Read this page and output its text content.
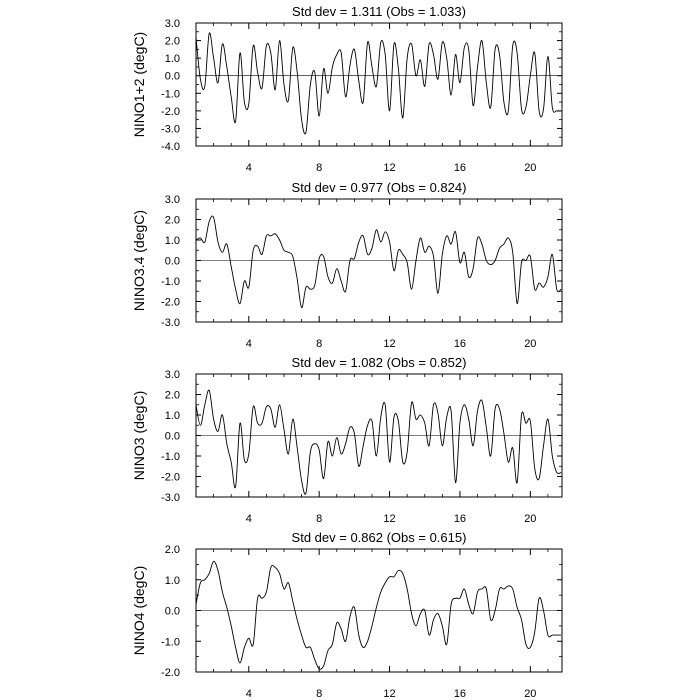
-4.0
-3.0
-2.0
-1.0
0.0
1.0
2.0
3.0
4	8	12	16	20
Std dev = 1.311 (Obs = 1.033)
NINO1+2 (degC)
-3.0
-2.0
-1.0
0.0
1.0
2.0
3.0
4	8	12	16	20
Std dev = 0.977 (Obs = 0.824)
NINO3.4 (degC)
-3.0
-2.0
-1.0
0.0
1.0
2.0
3.0
4	8	12	16	20
Std dev = 1.082 (Obs = 0.852)
NINO3 (degC)
-2.0
-1.0
0.0
1.0
2.0
4	8	12	16	20
Std dev = 0.862 (Obs = 0.615)
NINO4 (degC)
